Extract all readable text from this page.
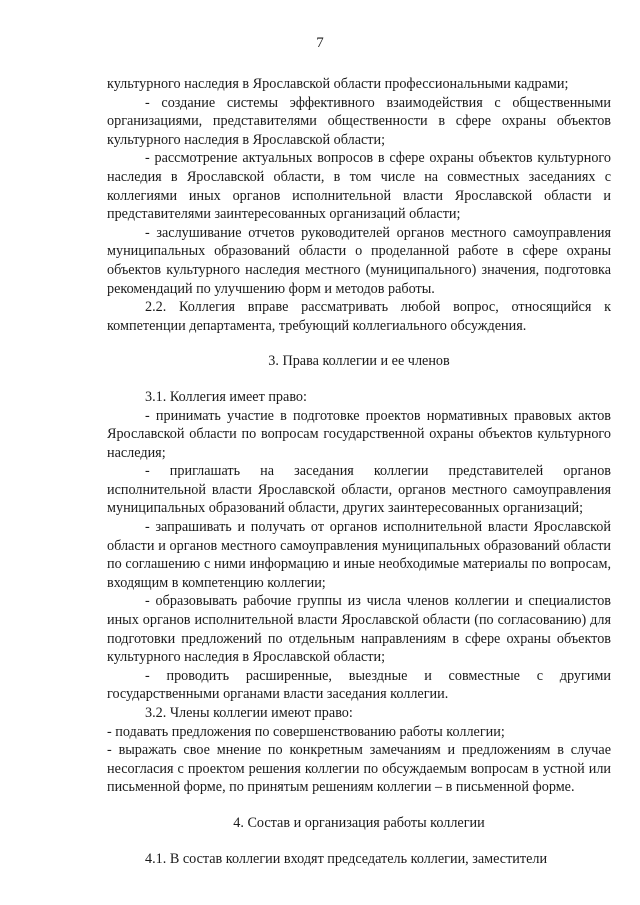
7

культурного наследия в Ярославской области профессиональными кадрами;

- создание системы эффективного взаимодействия с общественными организациями, представителями общественности в сфере охраны объектов культурного наследия в Ярославской области;

- рассмотрение актуальных вопросов в сфере охраны объектов культурного наследия в Ярославской области, в том числе на совместных заседаниях с коллегиями иных органов исполнительной власти Ярославской области и представителями заинтересованных организаций области;

- заслушивание отчетов руководителей органов местного самоуправления муниципальных образований области о проделанной работе в сфере охраны объектов культурного наследия местного (муниципального) значения, подготовка рекомендаций по улучшению форм и методов работы.

2.2. Коллегия вправе рассматривать любой вопрос, относящийся к компетенции департамента, требующий коллегиального обсуждения.

3. Права коллегии и ее членов

3.1. Коллегия имеет право:

- принимать участие в подготовке проектов нормативных правовых актов Ярославской области по вопросам государственной охраны объектов культурного наследия;

- приглашать на заседания коллегии представителей органов исполнительной власти Ярославской области, органов местного самоуправления муниципальных образований области, других заинтересованных организаций;

- запрашивать и получать от органов исполнительной власти Ярославской области и органов местного самоуправления муниципальных образований области по соглашению с ними информацию и иные необходимые материалы по вопросам, входящим в компетенцию коллегии;

- образовывать рабочие группы из числа членов коллегии и специалистов иных органов исполнительной власти Ярославской области (по согласованию) для подготовки предложений по отдельным направлениям в сфере охраны объектов культурного наследия в Ярославской области;

- проводить расширенные, выездные и совместные с другими государственными органами власти заседания коллегии.

3.2. Члены коллегии имеют право:

- подавать предложения по совершенствованию работы коллегии;

- выражать свое мнение по конкретным замечаниям и предложениям в случае несогласия с проектом решения коллегии по обсуждаемым вопросам в устной или письменной форме, по принятым решениям коллегии – в письменной форме.

4. Состав и организация работы коллегии

4.1. В состав коллегии входят председатель коллегии, заместители
